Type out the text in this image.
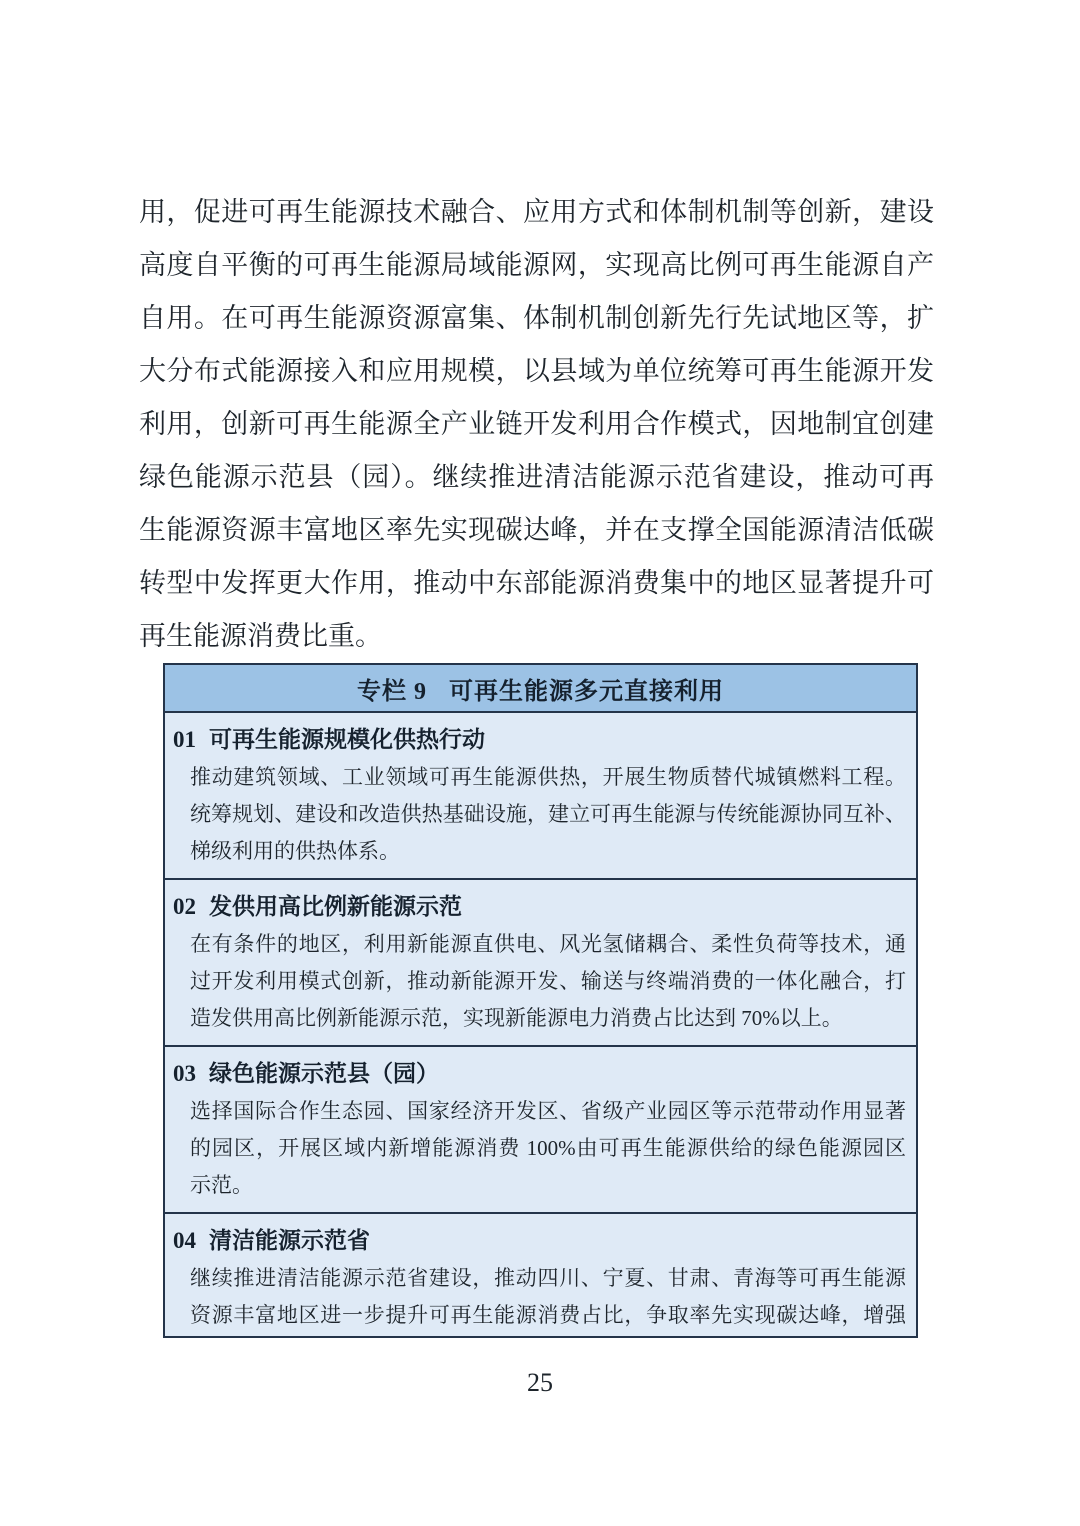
用，促进可再生能源技术融合、应用方式和体制机制等创新，建设
高度自平衡的可再生能源局域能源网，实现高比例可再生能源自产
自用。在可再生能源资源富集、体制机制创新先行先试地区等，扩
大分布式能源接入和应用规模，以县域为单位统筹可再生能源开发
利用，创新可再生能源全产业链开发利用合作模式，因地制宜创建
绿色能源示范县（园）。继续推进清洁能源示范省建设，推动可再
生能源资源丰富地区率先实现碳达峰，并在支撑全国能源清洁低碳
转型中发挥更大作用，推动中东部能源消费集中的地区显著提升可
再生能源消费比重。
专栏 9 可再生能源多元直接利用
01 可再生能源规模化供热行动
推动建筑领域、工业领域可再生能源供热，开展生物质替代城镇燃料工程。
统筹规划、建设和改造供热基础设施，建立可再生能源与传统能源协同互补、
梯级利用的供热体系。
02 发供用高比例新能源示范
在有条件的地区，利用新能源直供电、风光氢储耦合、柔性负荷等技术，通
过开发利用模式创新，推动新能源开发、输送与终端消费的一体化融合，打
造发供用高比例新能源示范，实现新能源电力消费占比达到 70%以上。
03 绿色能源示范县（园）
选择国际合作生态园、国家经济开发区、省级产业园区等示范带动作用显著
的园区，开展区域内新增能源消费 100%由可再生能源供给的绿色能源园区
示范。
04 清洁能源示范省
继续推进清洁能源示范省建设，推动四川、宁夏、甘肃、青海等可再生能源
资源丰富地区进一步提升可再生能源消费占比，争取率先实现碳达峰，增强
25
